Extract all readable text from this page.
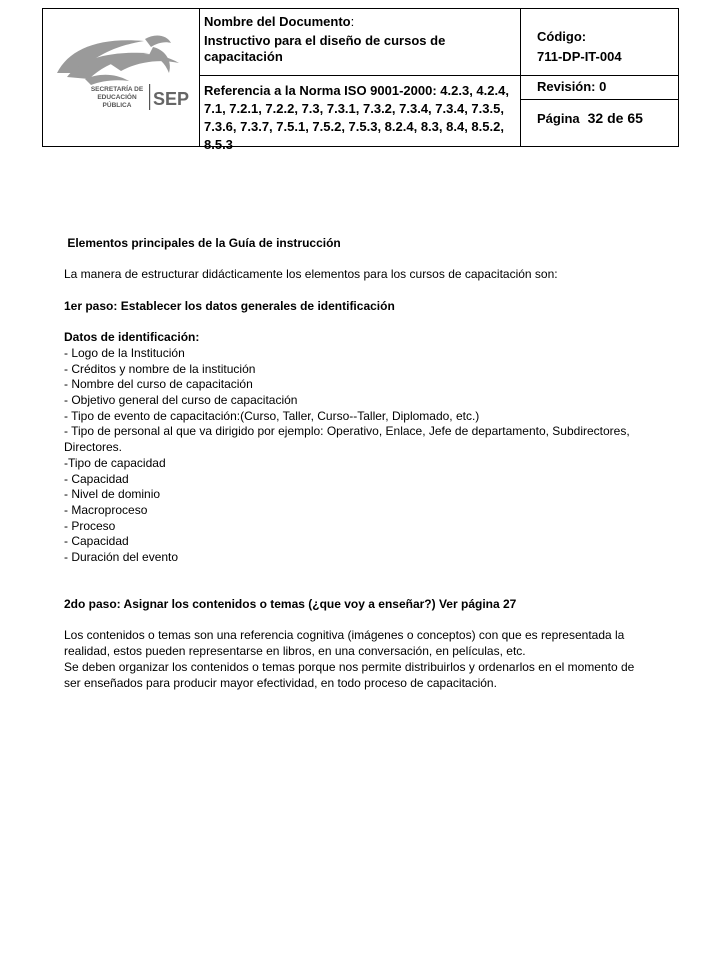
SECRETARÍA DE
EDUCACIÓN
PÚBLICA SEP
Nombre del Documento:
Instructivo para el diseño de cursos de capacitación
Referencia a la Norma ISO 9001-2000: 4.2.3, 4.2.4, 7.1, 7.2.1, 7.2.2, 7.3, 7.3.1, 7.3.2, 7.3.4, 7.3.4, 7.3.5, 7.3.6, 7.3.7, 7.5.1, 7.5.2, 7.5.3, 8.2.4, 8.3, 8.4, 8.5.2, 8.5.3
Código:
711-DP-IT-004
Revisión: 0
Página 32 de 65

Elementos principales de la Guía de instrucción

La manera de estructurar didácticamente los elementos para los cursos de capacitación son:

1er paso: Establecer los datos generales de identificación

Datos de identificación:

- Logo de la Institución

- Créditos y nombre de la institución

- Nombre del curso de capacitación

- Objetivo general del curso de capacitación

- Tipo de evento de capacitación:(Curso, Taller, Curso--Taller, Diplomado, etc.)

- Tipo de personal al que va dirigido por ejemplo: Operativo, Enlace, Jefe de departamento, Subdirectores, Directores.

-Tipo de capacidad

- Capacidad

- Nivel de dominio

- Macroproceso

- Proceso

- Capacidad

- Duración del evento

2do paso: Asignar los contenidos o temas (¿que voy a enseñar?) Ver página 27

Los contenidos o temas son una referencia cognitiva (imágenes o conceptos) con que es representada la realidad, estos pueden representarse en libros, en una conversación, en películas, etc.

Se deben organizar los contenidos o temas porque nos permite distribuirlos y ordenarlos en el momento de ser enseñados para producir mayor efectividad, en todo proceso de capacitación.
